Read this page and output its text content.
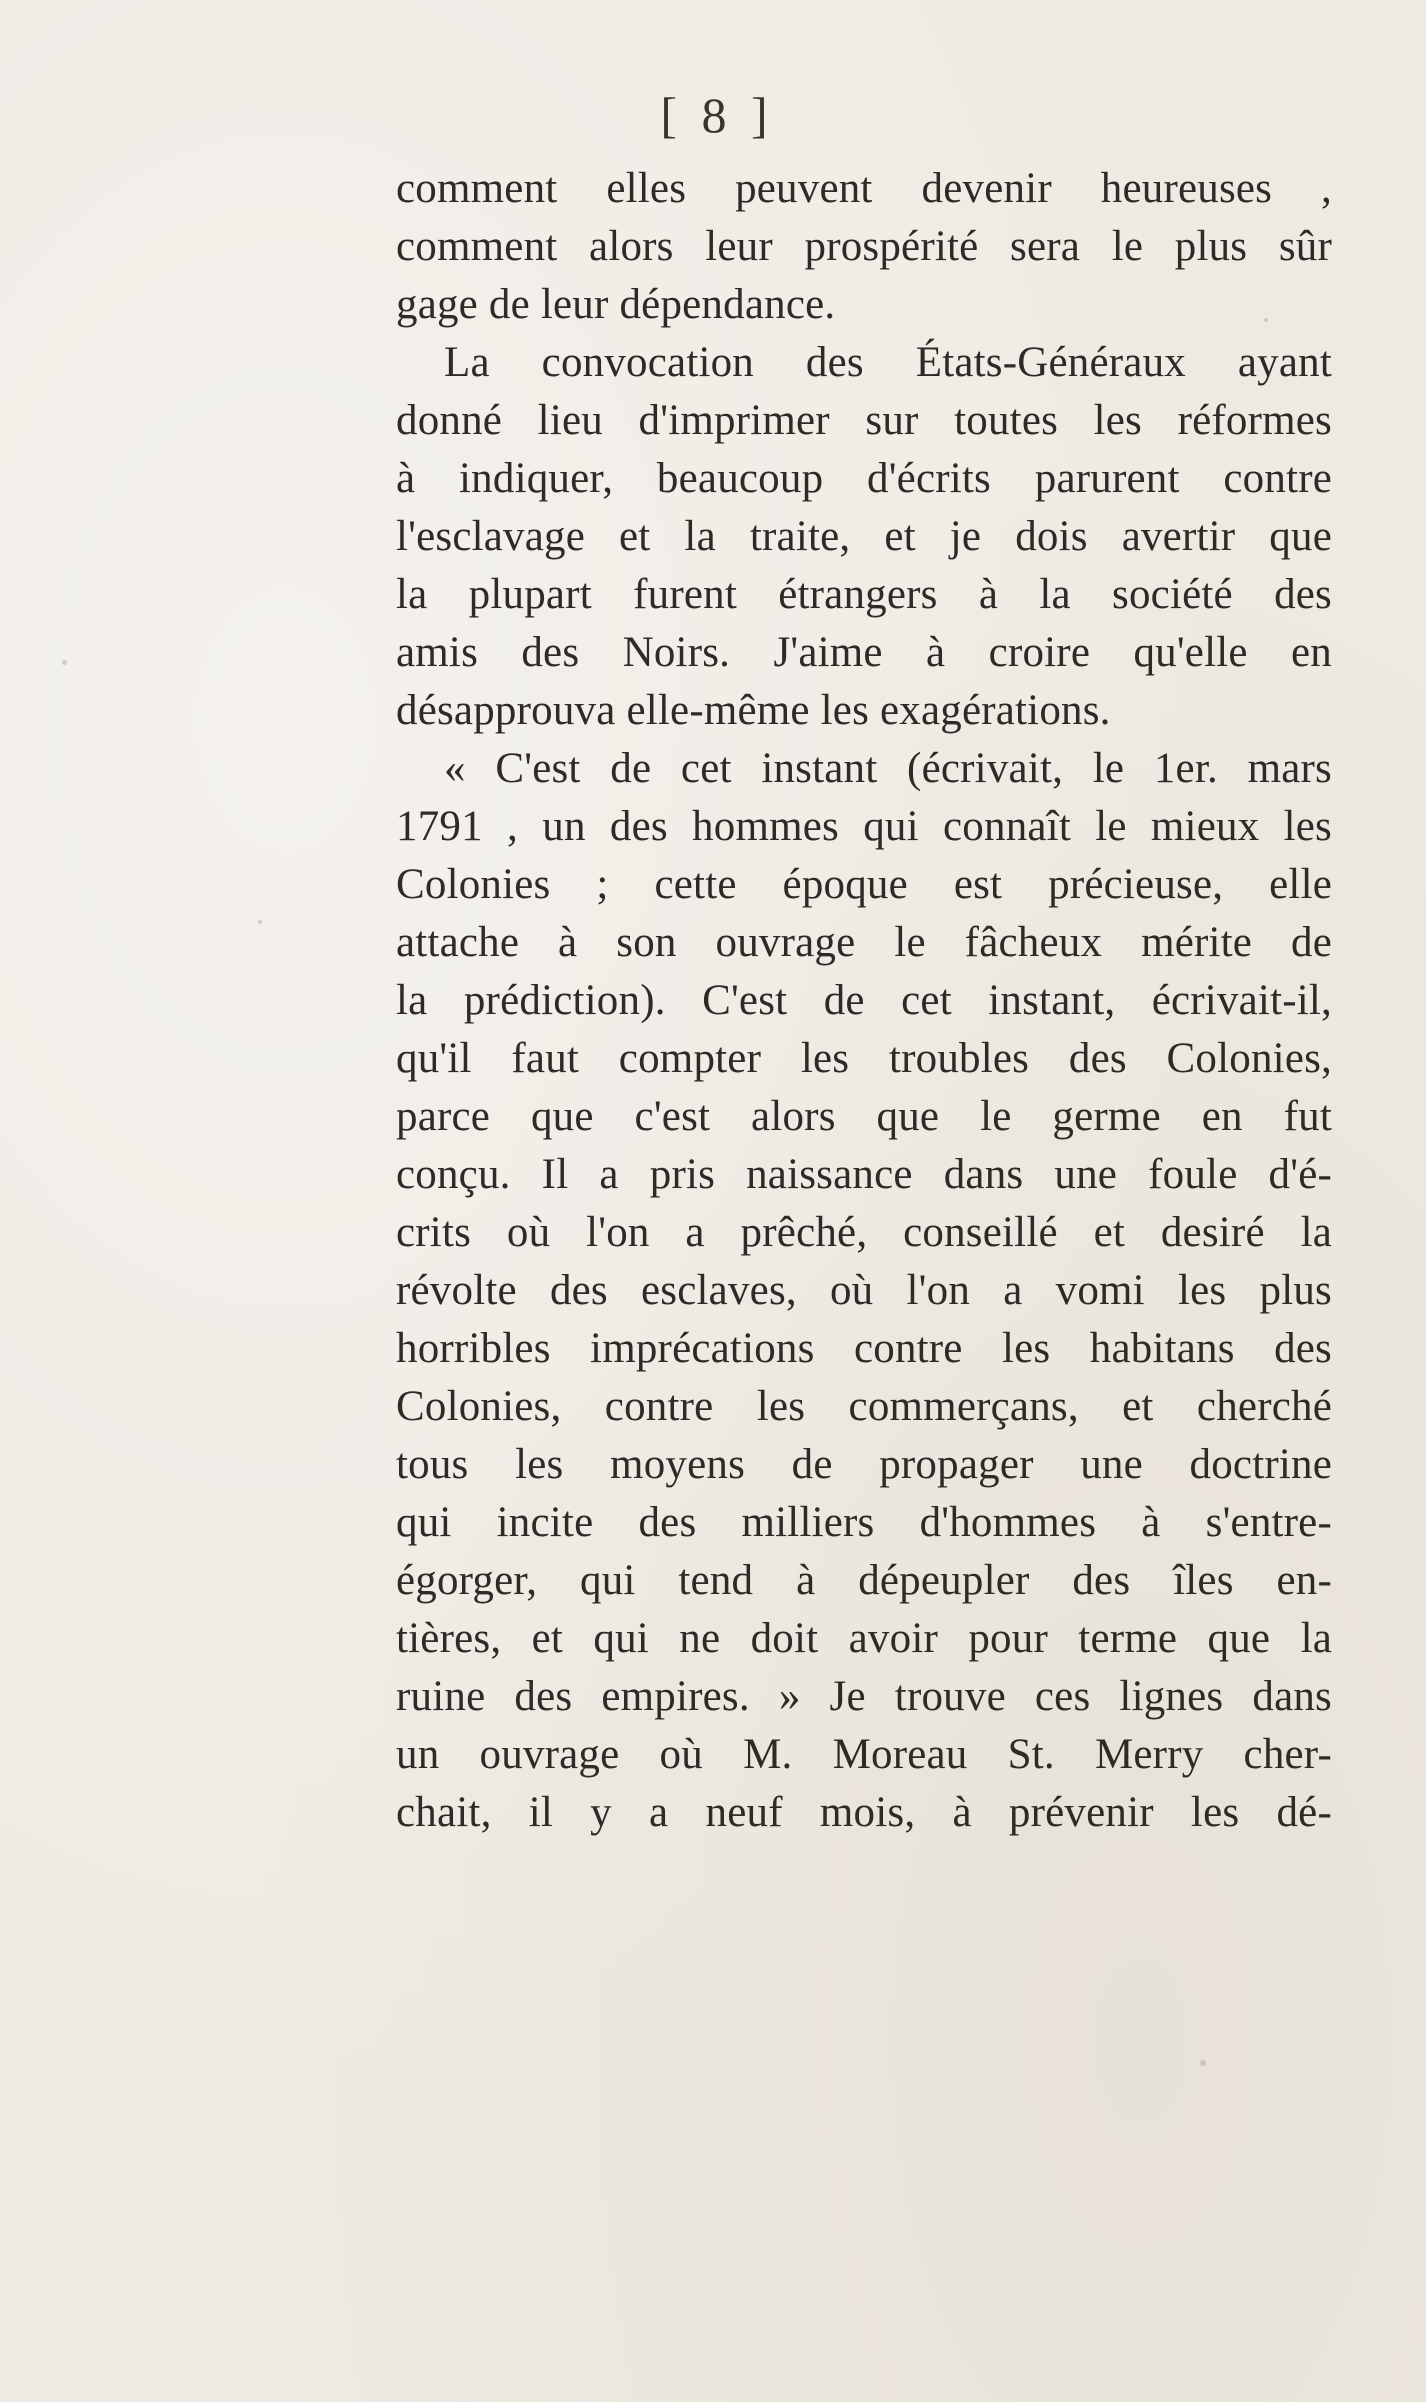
[ 8 ]
comment elles peuvent devenir heureuses ,
comment alors leur prospérité sera le plus sûr
gage de leur dépendance.
La convocation des États-Généraux ayant
donné lieu d'imprimer sur toutes les réformes
à indiquer, beaucoup d'écrits parurent contre
l'esclavage et la traite, et je dois avertir que
la plupart furent étrangers à la société des
amis des Noirs. J'aime à croire qu'elle en
désapprouva elle-même les exagérations.
« C'est de cet instant (écrivait, le 1er. mars
1791 , un des hommes qui connaît le mieux les
Colonies ; cette époque est précieuse, elle
attache à son ouvrage le fâcheux mérite de
la prédiction). C'est de cet instant, écrivait-il,
qu'il faut compter les troubles des Colonies,
parce que c'est alors que le germe en fut
conçu. Il a pris naissance dans une foule d'é-
crits où l'on a prêché, conseillé et desiré la
révolte des esclaves, où l'on a vomi les plus
horribles imprécations contre les habitans des
Colonies, contre les commerçans, et cherché
tous les moyens de propager une doctrine
qui incite des milliers d'hommes à s'entre-
égorger, qui tend à dépeupler des îles en-
tières, et qui ne doit avoir pour terme que la
ruine des empires. » Je trouve ces lignes dans
un ouvrage où M. Moreau St. Merry cher-
chait, il y a neuf mois, à prévenir les dé-
